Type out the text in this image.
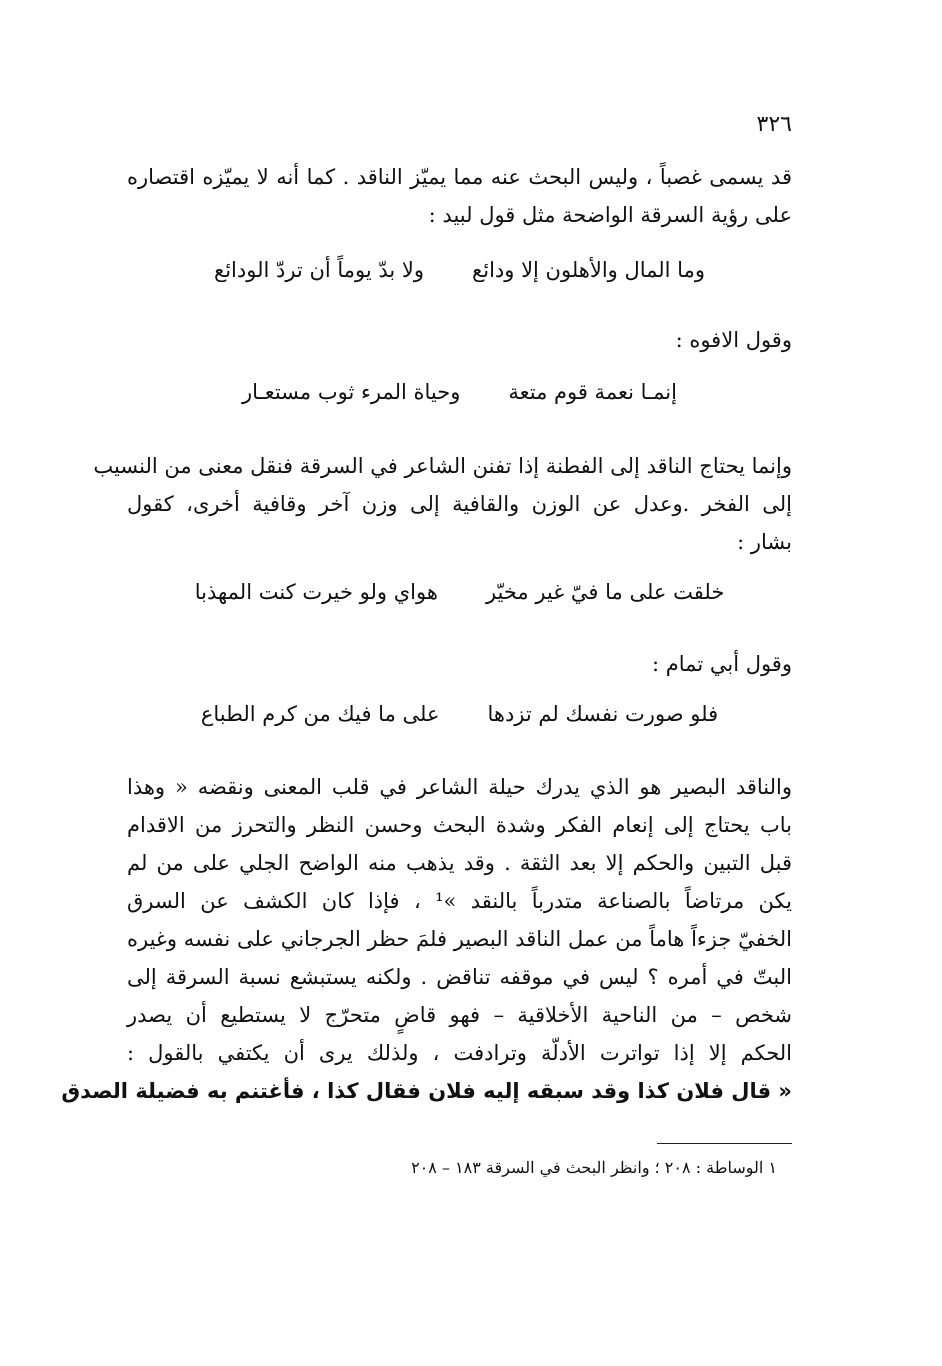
٣٢٦
قد يسمى غصباً ، وليس البحث عنه مما يميّز الناقد . كما أنه لا يميّزه اقتصاره
على رؤية السرقة الواضحة مثل قول لبيد :
وما المال والأهلون إلا ودائع
ولا بدّ يوماً أن تردّ الودائع
وقول الافوه :
إنمـا نعمة قوم متعة
وحياة المرء ثوب مستعـار
وإنما يحتاج الناقد إلى الفطنة إذا تفنن الشاعر في السرقة فنقل معنى من النسيب
إلى الفخر .وعدل عن الوزن والقافية إلى وزن آخر وقافية أخرى، كقول
بشار :
خلقت على ما فيّ غير مخيّر
هواي ولو خيرت كنت المهذبا
وقول أبي تمام :
فلو صورت نفسك لم تزدها
على ما فيك من كرم الطباع
والناقد البصير هو الذي يدرك حيلة الشاعر في قلب المعنى ونقضه « وهذا
باب يحتاج إلى إنعام الفكر وشدة البحث وحسن النظر والتحرز من الاقدام
قبل التبين والحكم إلا بعد الثقة . وقد يذهب منه الواضح الجلي على من لم
يكن مرتاضاً بالصناعة متدرباً بالنقد »¹ ، فإذا كان الكشف عن السرق
الخفيّ جزءاً هاماً من عمل الناقد البصير فلمَ حظر الجرجاني على نفسه وغيره
البتّ في أمره ؟ ليس في موقفه تناقض . ولكنه يستبشع نسبة السرقة إلى
شخص – من الناحية الأخلاقية – فهو قاضٍ متحرّج لا يستطيع أن يصدر
الحكم إلا إذا تواترت الأدلّة وترادفت ، ولذلك يرى أن يكتفي بالقول :
« قال فلان كذا وقد سبقه إليه فلان فقال كذا ، فأغتنم به فضيلة الصدق
١ الوساطة : ٢٠٨ ؛ وانظر البحث في السرقة ١٨٣ – ٢٠٨
